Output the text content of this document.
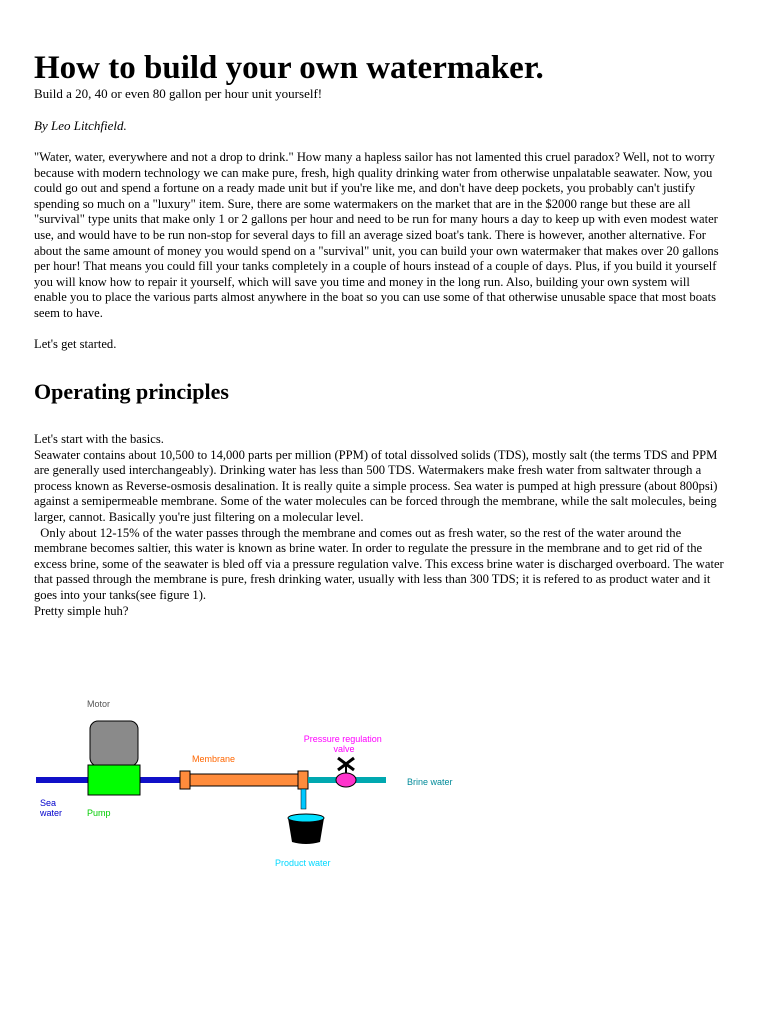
How to build your own watermaker.
Build a 20, 40 or even 80 gallon per hour unit yourself!
By Leo Litchfield.

"Water, water, everywhere and not a drop to drink." How many a hapless sailor has not lamented this cruel paradox? Well, not to worry because with modern technology we can make pure, fresh, high quality drinking water from otherwise unpalatable seawater. Now, you could go out and spend a fortune on a ready made unit but if you're like me, and don't have deep pockets, you probably can't justify spending so much on a "luxury" item. Sure, there are some watermakers on the market that are in the $2000 range but these are all "survival" type units that make only 1 or 2 gallons per hour and need to be run for many hours a day to keep up with even modest water use, and would have to be run non-stop for several days to fill an average sized boat's tank. There is however, another alternative. For about the same amount of money you would spend on a "survival" unit, you can build your own watermaker that makes over 20 gallons per hour! That means you could fill your tanks completely in a couple of hours instead of a couple of days. Plus, if you build it yourself you will know how to repair it yourself, which will save you time and money in the long run. Also, building your own system will enable you to place the various parts almost anywhere in the boat so you can use some of that otherwise unusable space that most boats seem to have.

Let's get started.

Operating principles
Let's start with the basics.
Seawater contains about 10,500 to 14,000 parts per million (PPM) of total dissolved solids (TDS), mostly salt (the terms TDS and PPM are generally used interchangeably). Drinking water has less than 500 TDS. Watermakers make fresh water from saltwater through a process known as Reverse-osmosis desalination. It is really quite a simple process. Sea water is pumped at high pressure (about 800psi) against a semipermeable membrane. Some of the water molecules can be forced through the membrane, while the salt molecules, being larger, cannot. Basically you're just filtering on a molecular level.
Only about 12-15% of the water passes through the membrane and comes out as fresh water, so the rest of the water around the membrane becomes saltier, this water is known as brine water. In order to regulate the pressure in the membrane and to get rid of the excess brine, some of the seawater is bled off via a pressure regulation valve. This excess brine water is discharged overboard. The water that passed through the membrane is pure, fresh drinking water, usually with less than 300 TDS; it is refered to as product water and it goes into your tanks(see figure 1).
Pretty simple huh?
Motor
Membrane
Pressure regulation valve
Brine water
Sea water	Pump
Product water
